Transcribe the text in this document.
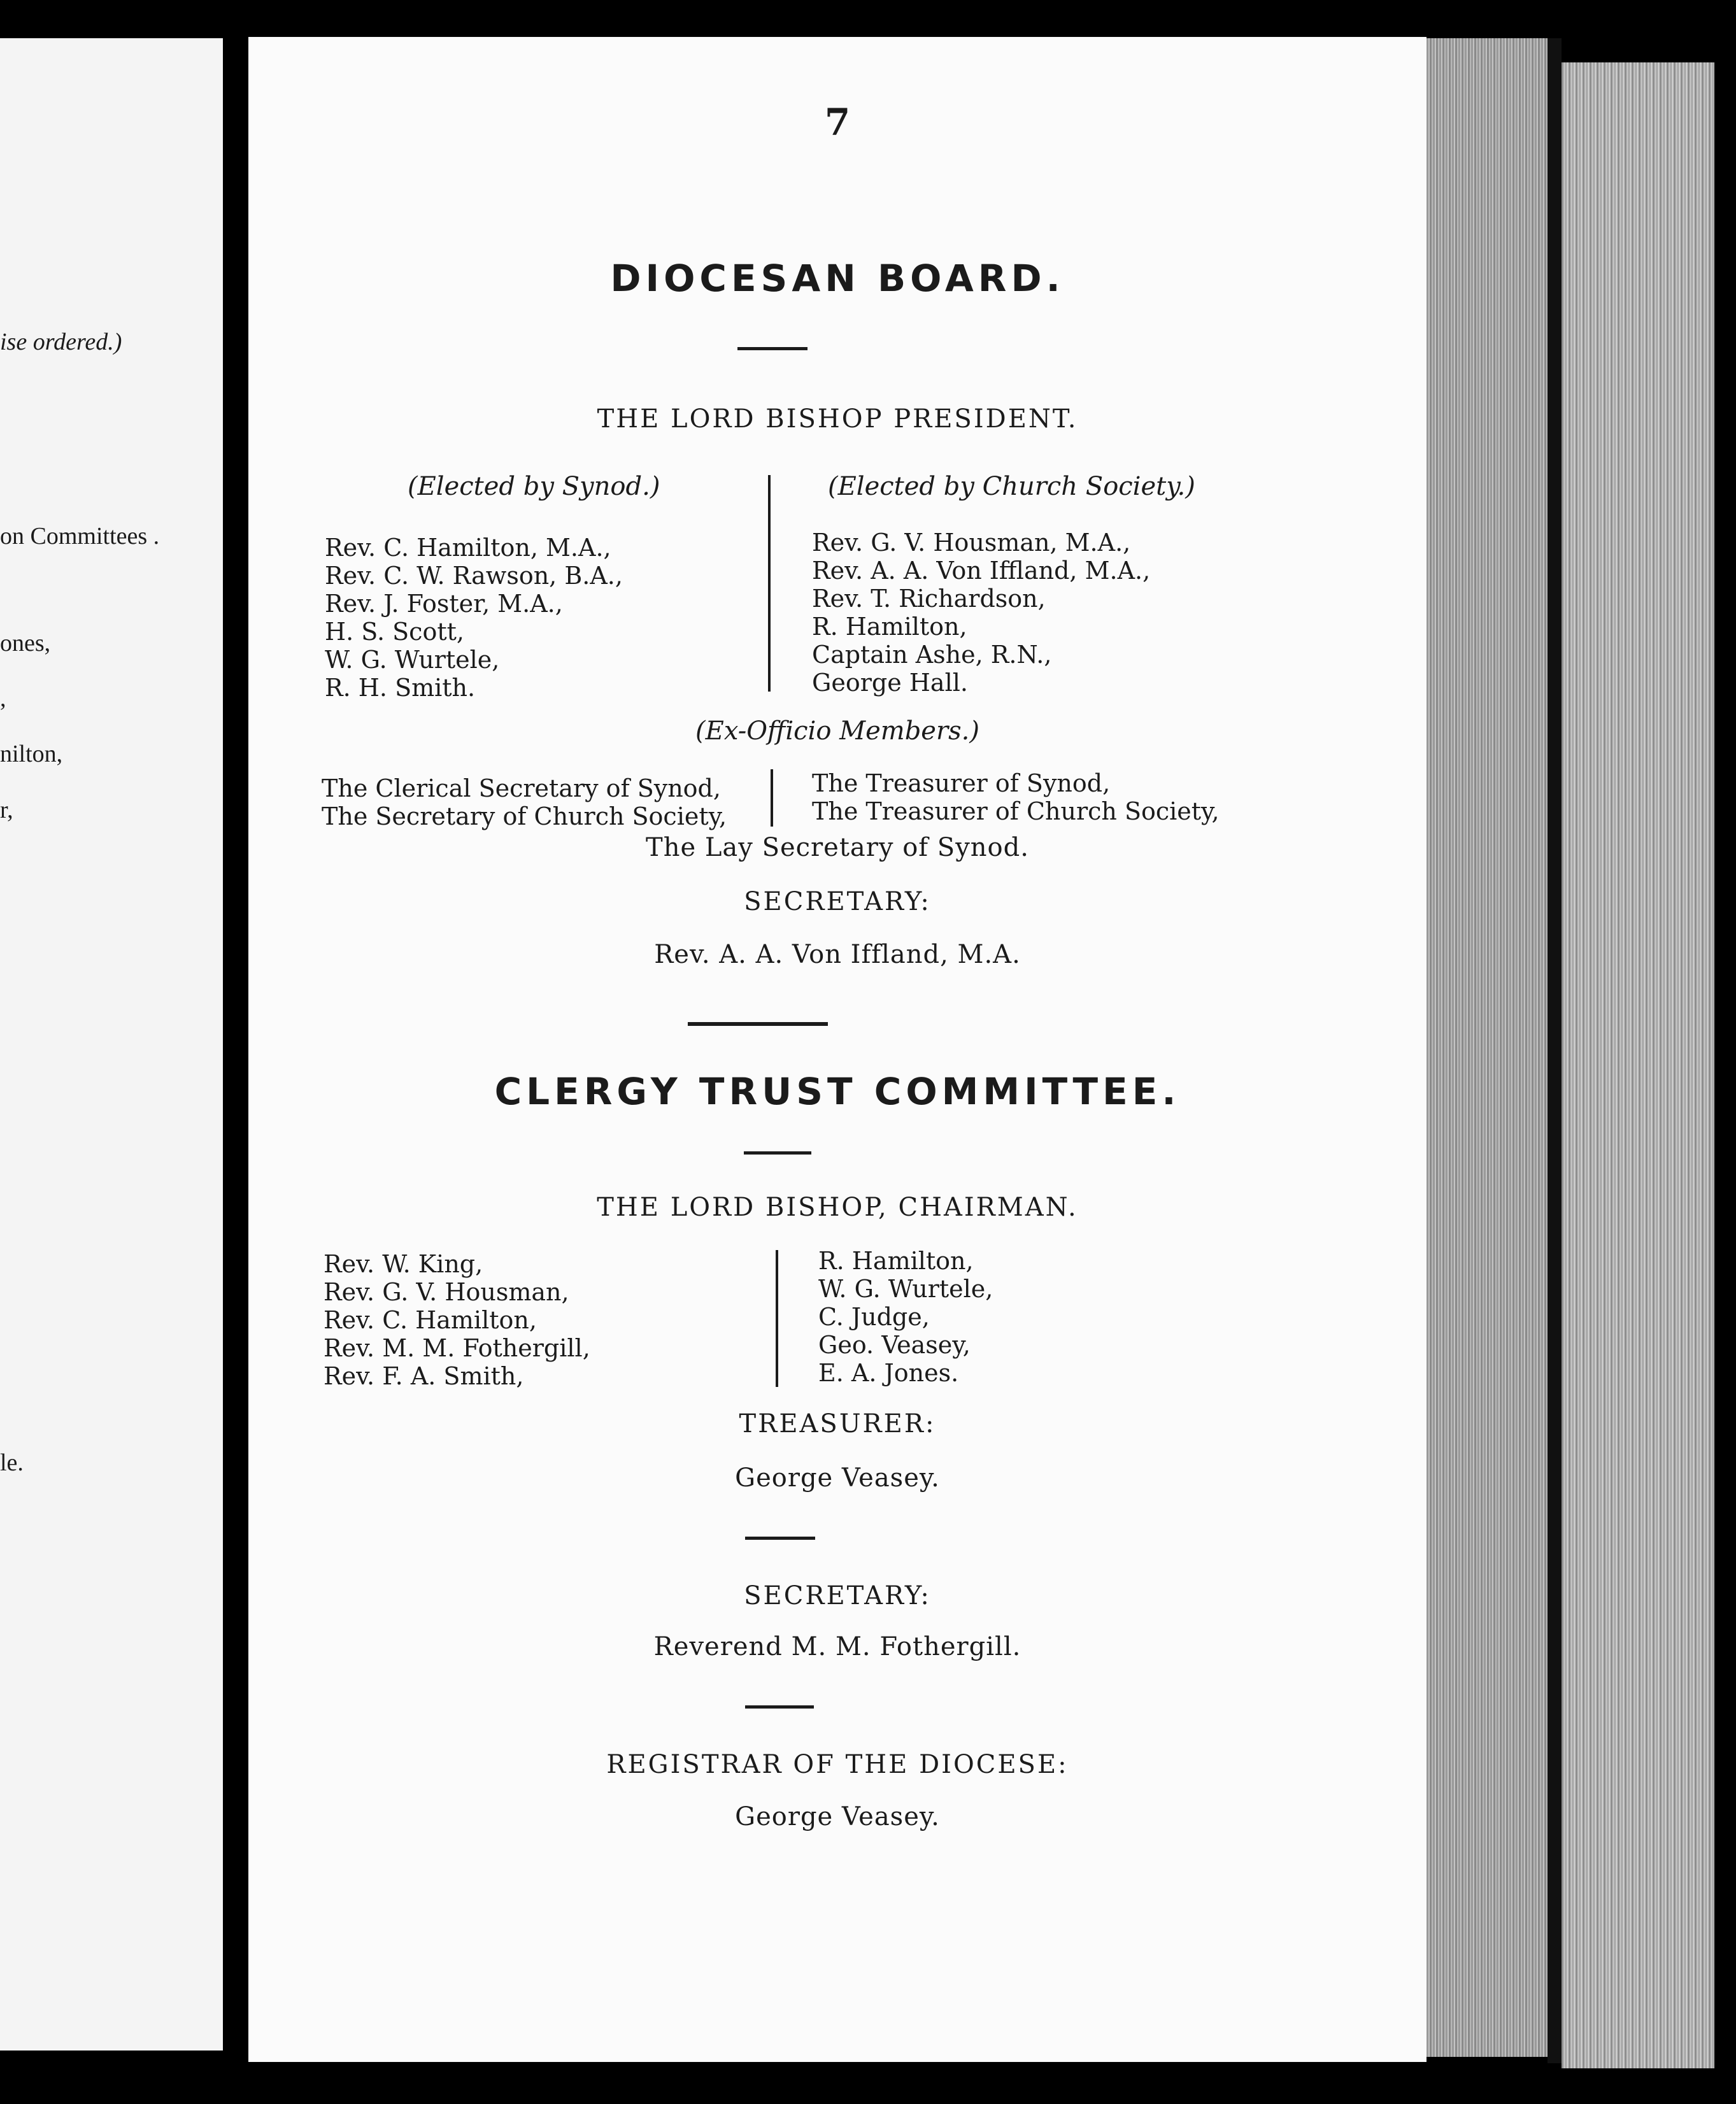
ise ordered.)
on Committees .
ones,
,
nilton,
r,
le.
7
DIOCESAN BOARD.
THE LORD BISHOP PRESIDENT.
(Elected by Synod.)	(Elected by Church Society.)
Rev. C. Hamilton, M.A.,
Rev. C. W. Rawson, B.A.,
Rev. J. Foster, M.A.,
H. S. Scott,
W. G. Wurtele,
R. H. Smith.
Rev. G. V. Housman, M.A.,
Rev. A. A. Von Iffland, M.A.,
Rev. T. Richardson,
R. Hamilton,
Captain Ashe, R.N.,
George Hall.
(Ex-Officio Members.)
The Clerical Secretary of Synod,
The Secretary of Church Society,
The Treasurer of Synod,
The Treasurer of Church Society,
The Lay Secretary of Synod.
SECRETARY:
Rev. A. A. Von Iffland, M.A.
CLERGY TRUST COMMITTEE.
THE LORD BISHOP, CHAIRMAN.
Rev. W. King,
Rev. G. V. Housman,
Rev. C. Hamilton,
Rev. M. M. Fothergill,
Rev. F. A. Smith,
R. Hamilton,
W. G. Wurtele,
C. Judge,
Geo. Veasey,
E. A. Jones.
TREASURER:
George Veasey.
SECRETARY:
Reverend M. M. Fothergill.
REGISTRAR OF THE DIOCESE:
George Veasey.
